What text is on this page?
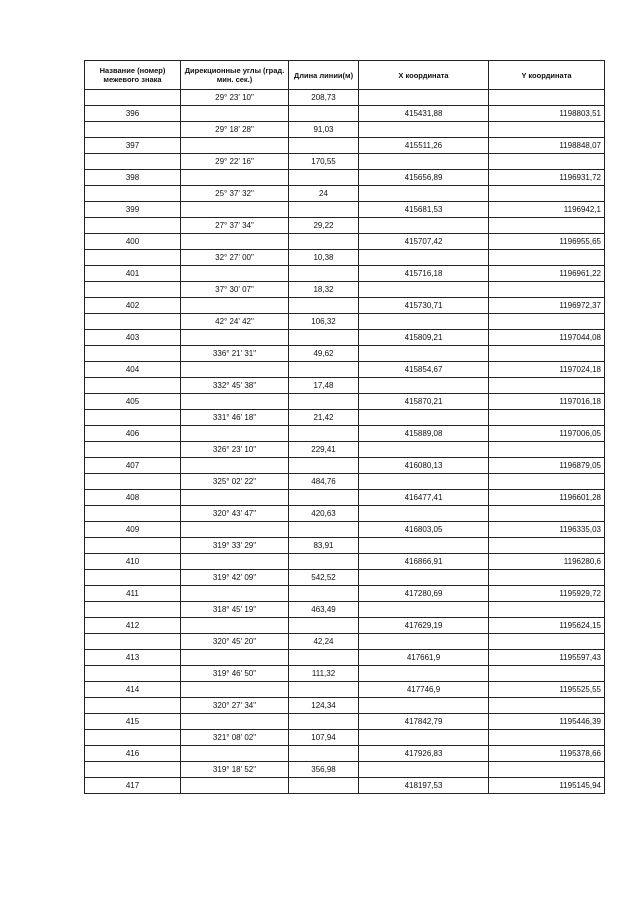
Название (номер) межевого знака	Дирекционные углы (град. мин. сек.)	Длина линии(м)	X координата	Y координата
	29° 23' 10"	208,73		
396			415431,88	1198803,51
	29° 18' 28"	91,03		
397			415511,26	1198848,07
	29° 22' 16"	170,55		
398			415656,89	1196931,72
	25° 37' 32"	24		
399			415681,53	1196942,1
	27° 37' 34"	29,22		
400			415707,42	1196955,65
	32° 27' 00"	10,38		
401			415716,18	1196961,22
	37° 30' 07"	18,32		
402			415730,71	1196972,37
	42° 24' 42"	106,32		
403			415809,21	1197044,08
	336° 21' 31"	49,62		
404			415854,67	1197024,18
	332° 45' 38"	17,48		
405			415870,21	1197016,18
	331° 46' 18"	21,42		
406			415889,08	1197006,05
	326° 23' 10"	229,41		
407			416080,13	1196879,05
	325° 02' 22"	484,76		
408			416477,41	1196601,28
	320° 43' 47"	420,63		
409			416803,05	1196335,03
	319° 33' 29"	83,91		
410			416866,91	1196280,6
	319° 42' 09"	542,52		
411			417280,69	1195929,72
	318° 45' 19"	463,49		
412			417629,19	1195624,15
	320° 45' 20"	42,24		
413			417661,9	1195597,43
	319° 46' 50"	111,32		
414			417746,9	1195525,55
	320° 27' 34"	124,34		
415			417842,79	1195446,39
	321° 08' 02"	107,94		
416			417926,83	1195378,66
	319° 18' 52"	356,98		
417			418197,53	1195145,94
